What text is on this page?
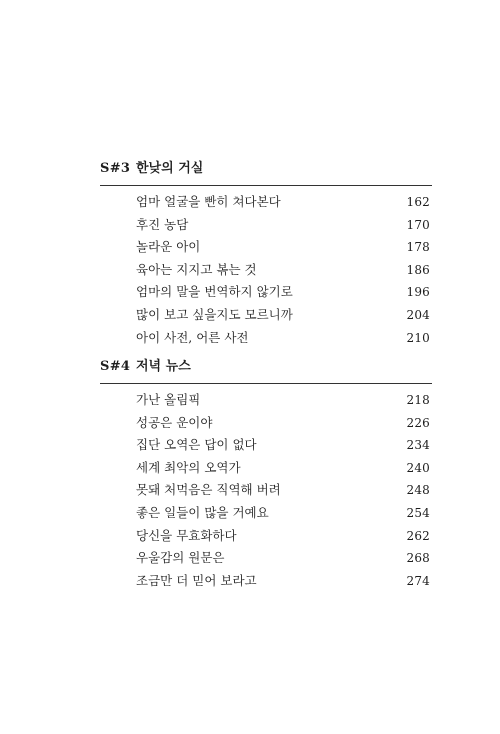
S#3 한낮의 거실
엄마 얼굴을 빤히 쳐다본다	162
후진 농담	170
놀라운 아이	178
육아는 지지고 볶는 것	186
엄마의 말을 번역하지 않기로	196
많이 보고 싶을지도 모르니까	204
아이 사전, 어른 사전	210
S#4 저녁 뉴스
가난 올림픽	218
성공은 운이야	226
집단 오역은 답이 없다	234
세계 최악의 오역가	240
못돼 처먹음은 직역해 버려	248
좋은 일들이 많을 거예요	254
당신을 무효화하다	262
우울감의 원문은	268
조금만 더 믿어 보라고	274
